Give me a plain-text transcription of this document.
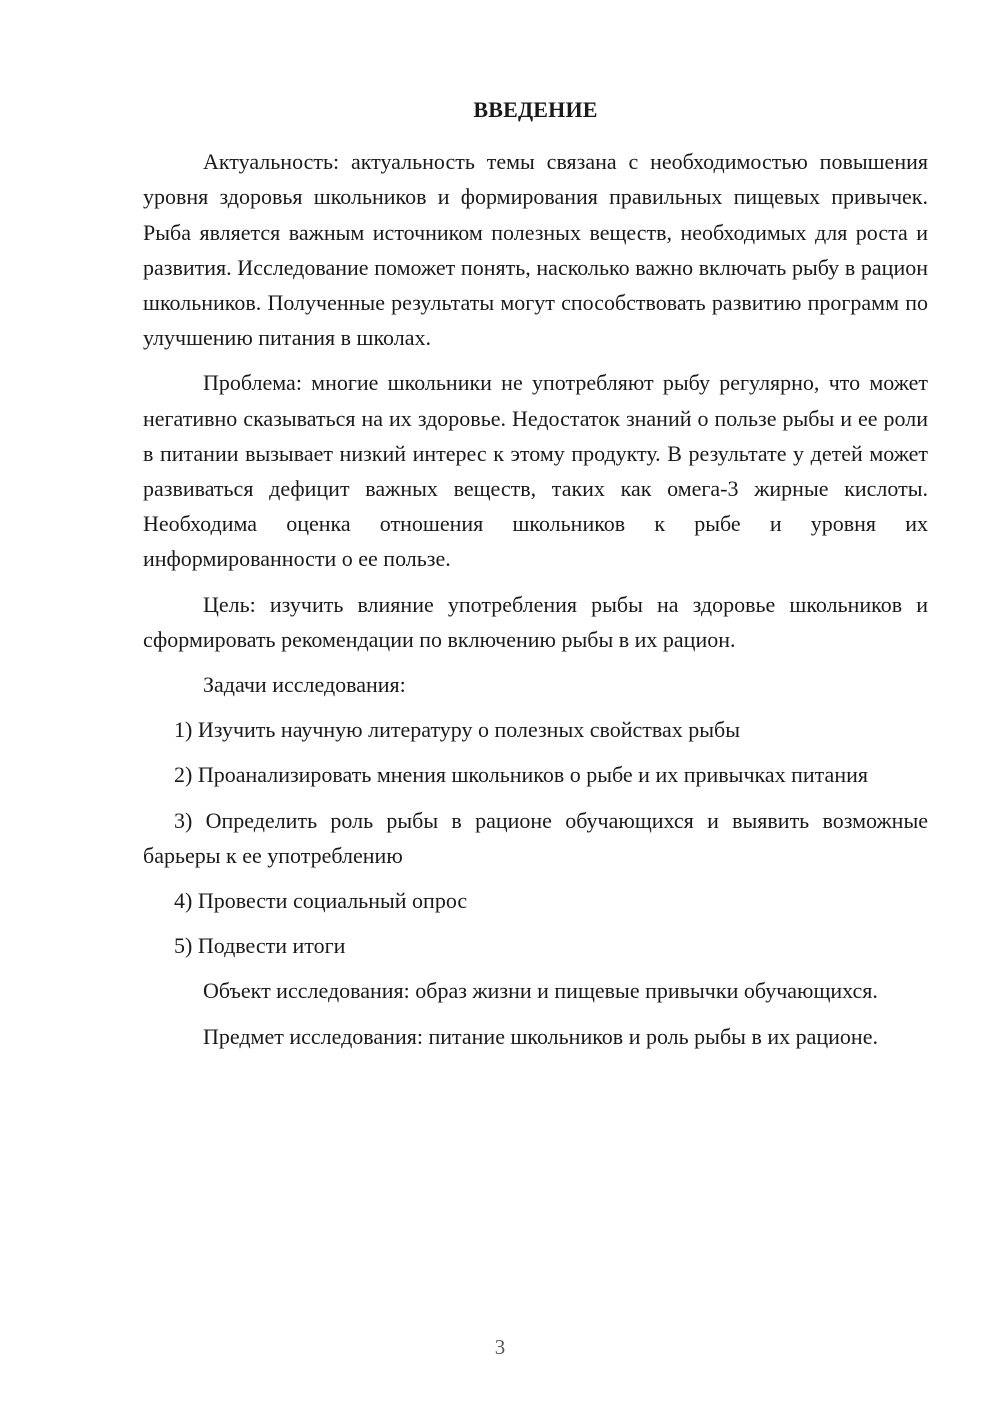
ВВЕДЕНИЕ

Актуальность: актуальность темы связана с необходимостью повышения уровня здоровья школьников и формирования правильных пищевых привычек. Рыба является важным источником полезных веществ, необходимых для роста и развития. Исследование поможет понять, насколько важно включать рыбу в рацион школьников. Полученные результаты могут способствовать развитию программ по улучшению питания в школах.

Проблема: многие школьники не употребляют рыбу регулярно, что может негативно сказываться на их здоровье. Недостаток знаний о пользе рыбы и ее роли в питании вызывает низкий интерес к этому продукту. В результате у детей может развиваться дефицит важных веществ, таких как омега-3 жирные кислоты. Необходима оценка отношения школьников к рыбе и уровня их информированности о ее пользе.

Цель: изучить влияние употребления рыбы на здоровье школьников и сформировать рекомендации по включению рыбы в их рацион.

Задачи исследования:

1) Изучить научную литературу о полезных свойствах рыбы

2) Проанализировать мнения школьников о рыбе и их привычках питания

3) Определить роль рыбы в рационе обучающихся и выявить возможные барьеры к ее употреблению

4) Провести социальный опрос

5) Подвести итоги

Объект исследования: образ жизни и пищевые привычки обучающихся.

Предмет исследования: питание школьников и роль рыбы в их рационе.

3
